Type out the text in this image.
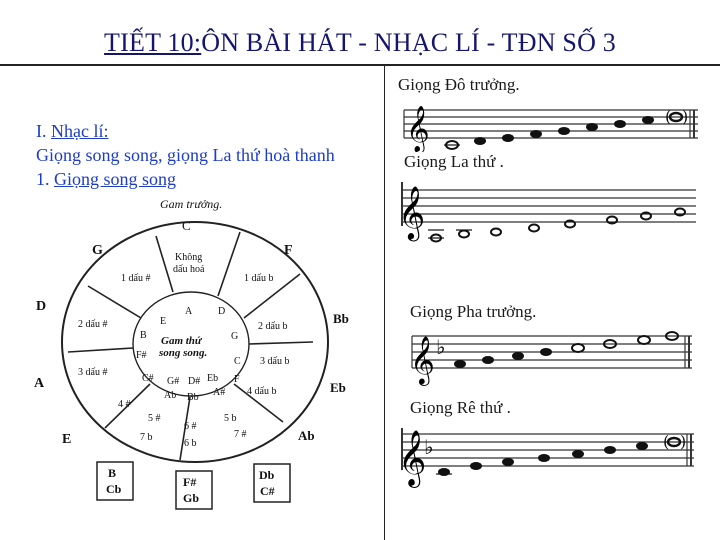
TIẾT 10:ÔN BÀI HÁT - NHẠC LÍ - TĐN SỐ 3
I. Nhạc lí:
Giọng song song, giọng La thứ hoà thanh
1. Giọng song song
Gam trưởng.
Gam thứ
song song.
Không
dấu hoá
C
G	F
D
Bb
A	Eb
E	Ab
1 dấu #	1 dấu b
2 dấu #	2 dấu b
3 dấu #
3 dấu b
4 #
4 dấu b
5 #	5 b
6 #
6 b
7 b	7 #
E
A	D
B	G
C
F#
F
C# G# D# Eb
A#
Ab Bb
B
Cb	F#
Gb
Db
C#
Giọng Đô trưởng.
𝄞	( )
Giọng La thứ .
𝄞
Giọng Pha trưởng.
𝄞 ♭
Giọng Rê thứ .
𝄞
♭	( )
